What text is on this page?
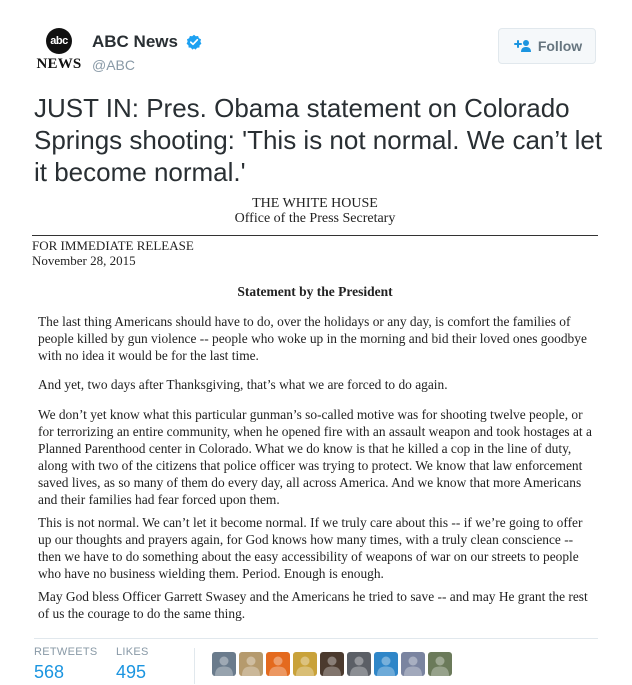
abc
NEWS
ABC News
@ABC
Follow
JUST IN: Pres. Obama statement on Colorado Springs shooting: 'This is not normal. We can’t let it become normal.'
THE WHITE HOUSE
Office of the Press Secretary
FOR IMMEDIATE RELEASE
November 28, 2015
Statement by the President
The last thing Americans should have to do, over the holidays or any day, is comfort the families of people killed by gun violence -- people who woke up in the morning and bid their loved ones goodbye with no idea it would be for the last time.
And yet, two days after Thanksgiving, that’s what we are forced to do again.
We don’t yet know what this particular gunman’s so-called motive was for shooting twelve people, or for terrorizing an entire community, when he opened fire with an assault weapon and took hostages at a Planned Parenthood center in Colorado. What we do know is that he killed a cop in the line of duty, along with two of the citizens that police officer was trying to protect. We know that law enforcement saved lives, as so many of them do every day, all across America. And we know that more Americans and their families had fear forced upon them.
This is not normal. We can’t let it become normal. If we truly care about this -- if we’re going to offer up our thoughts and prayers again, for God knows how many times, with a truly clean conscience -- then we have to do something about the easy accessibility of weapons of war on our streets to people who have no business wielding them. Period. Enough is enough.
May God bless Officer Garrett Swasey and the Americans he tried to save -- and may He grant the rest of us the courage to do the same thing.
RETWEETS
568
LIKES
495
